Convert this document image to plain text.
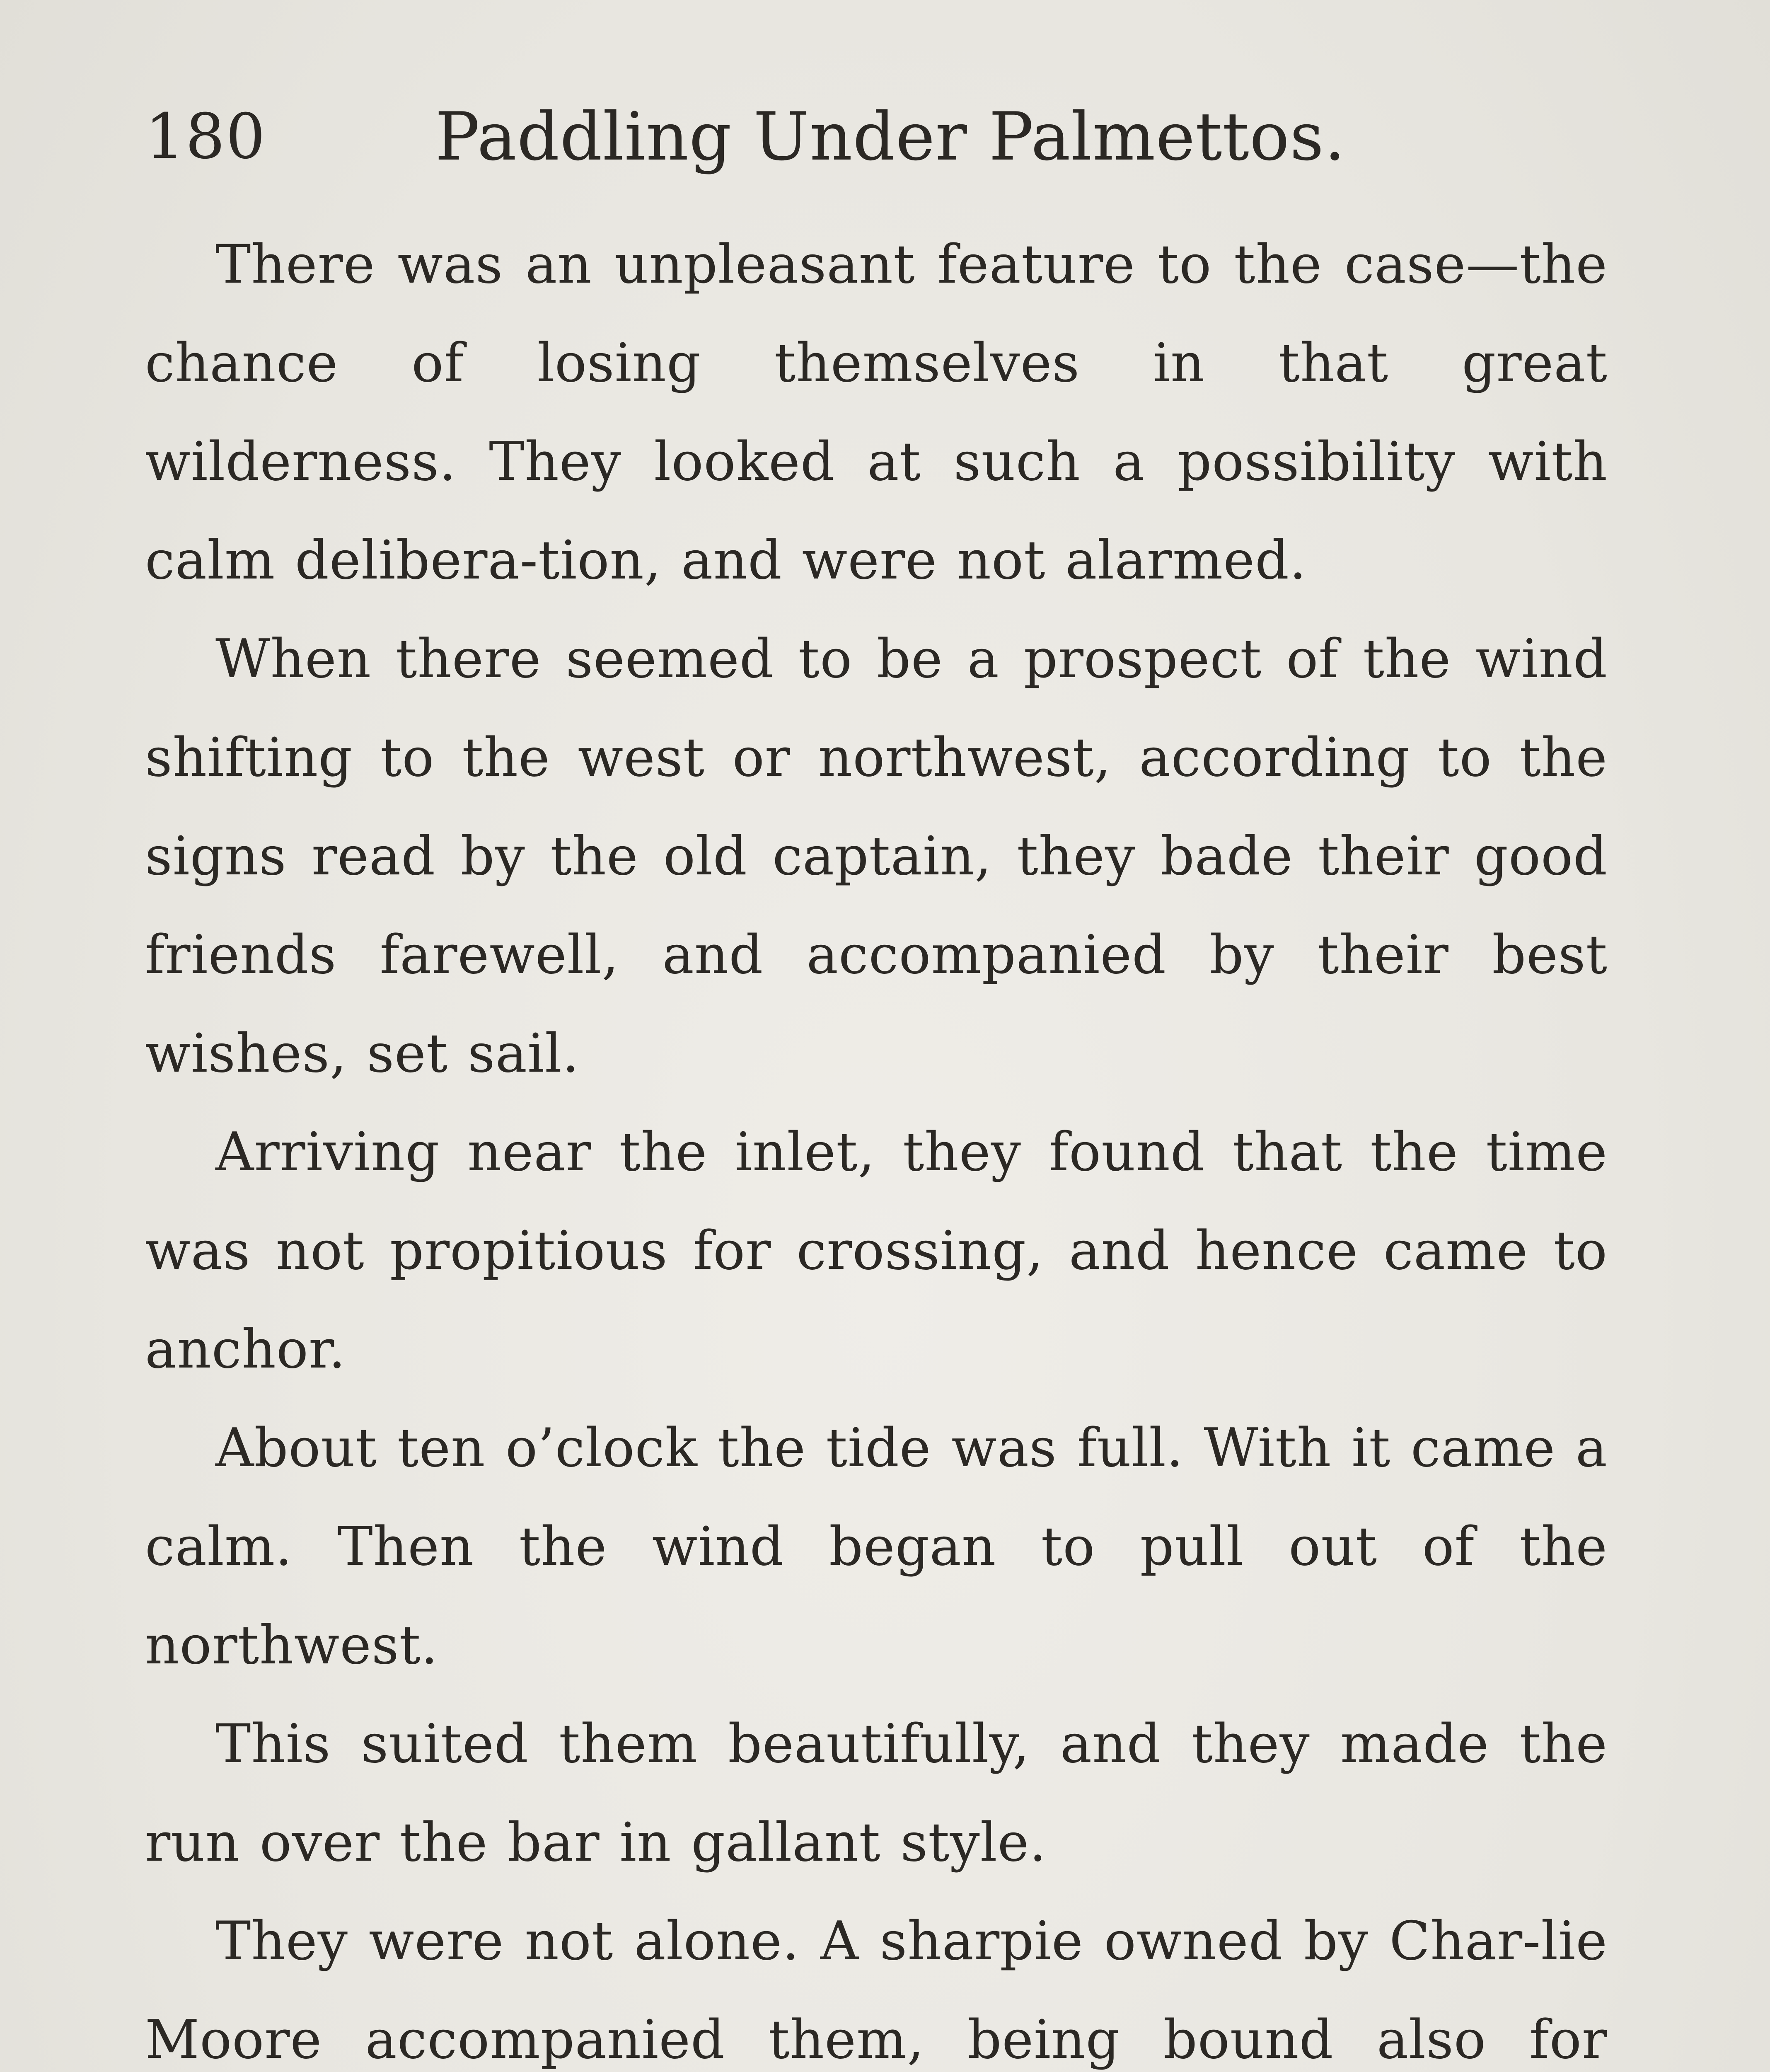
180	Paddling Under Palmettos.

There was an unpleasant feature to the case—the chance of losing themselves in that great wilderness. They looked at such a possibility with calm delibera-tion, and were not alarmed.

When there seemed to be a prospect of the wind shifting to the west or northwest, according to the signs read by the old captain, they bade their good friends farewell, and accompanied by their best wishes, set sail.

Arriving near the inlet, they found that the time was not propitious for crossing, and hence came to anchor.

About ten o’clock the tide was full. With it came a calm. Then the wind began to pull out of the northwest.

This suited them beautifully, and they made the run over the bar in gallant style.

They were not alone. A sharpie owned by Char-lie Moore accompanied them, being bound also for
